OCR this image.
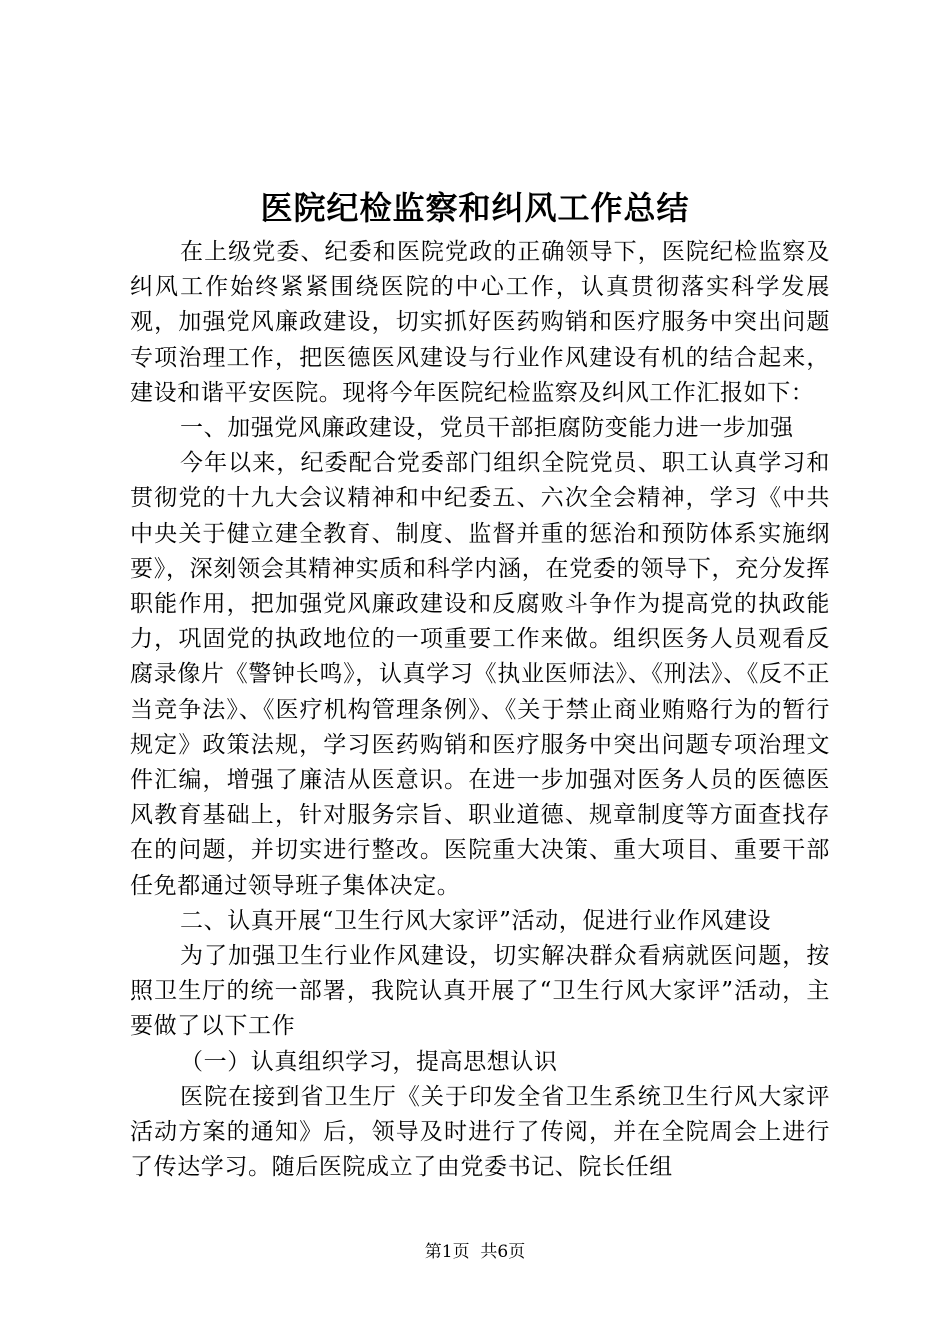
医院纪检监察和纠风工作总结

在上级党委、纪委和医院党政的正确领导下，医院纪检监察及纠风工作始终紧紧围绕医院的中心工作，认真贯彻落实科学发展观，加强党风廉政建设，切实抓好医药购销和医疗服务中突出问题专项治理工作，把医德医风建设与行业作风建设有机的结合起来，建设和谐平安医院。现将今年医院纪检监察及纠风工作汇报如下：

一、加强党风廉政建设，党员干部拒腐防变能力进一步加强

今年以来，纪委配合党委部门组织全院党员、职工认真学习和贯彻党的十九大会议精神和中纪委五、六次全会精神，学习《中共中央关于健立建全教育、制度、监督并重的惩治和预防体系实施纲要》，深刻领会其精神实质和科学内涵，在党委的领导下，充分发挥职能作用，把加强党风廉政建设和反腐败斗争作为提高党的执政能力，巩固党的执政地位的一项重要工作来做。组织医务人员观看反腐录像片《警钟长鸣》，认真学习《执业医师法》、《刑法》、《反不正当竞争法》、《医疗机构管理条例》、《关于禁止商业贿赂行为的暂行规定》政策法规，学习医药购销和医疗服务中突出问题专项治理文件汇编，增强了廉洁从医意识。在进一步加强对医务人员的医德医风教育基础上，针对服务宗旨、职业道德、规章制度等方面查找存在的问题，并切实进行整改。医院重大决策、重大项目、重要干部任免都通过领导班子集体决定。

二、认真开展“卫生行风大家评”活动，促进行业作风建设

为了加强卫生行业作风建设，切实解决群众看病就医问题，按照卫生厅的统一部署，我院认真开展了“卫生行风大家评”活动，主要做了以下工作

（一）认真组织学习，提高思想认识

医院在接到省卫生厅《关于印发全省卫生系统卫生行风大家评活动方案的通知》后，领导及时进行了传阅，并在全院周会上进行了传达学习。随后医院成立了由党委书记、院长任组

第1页 共6页
